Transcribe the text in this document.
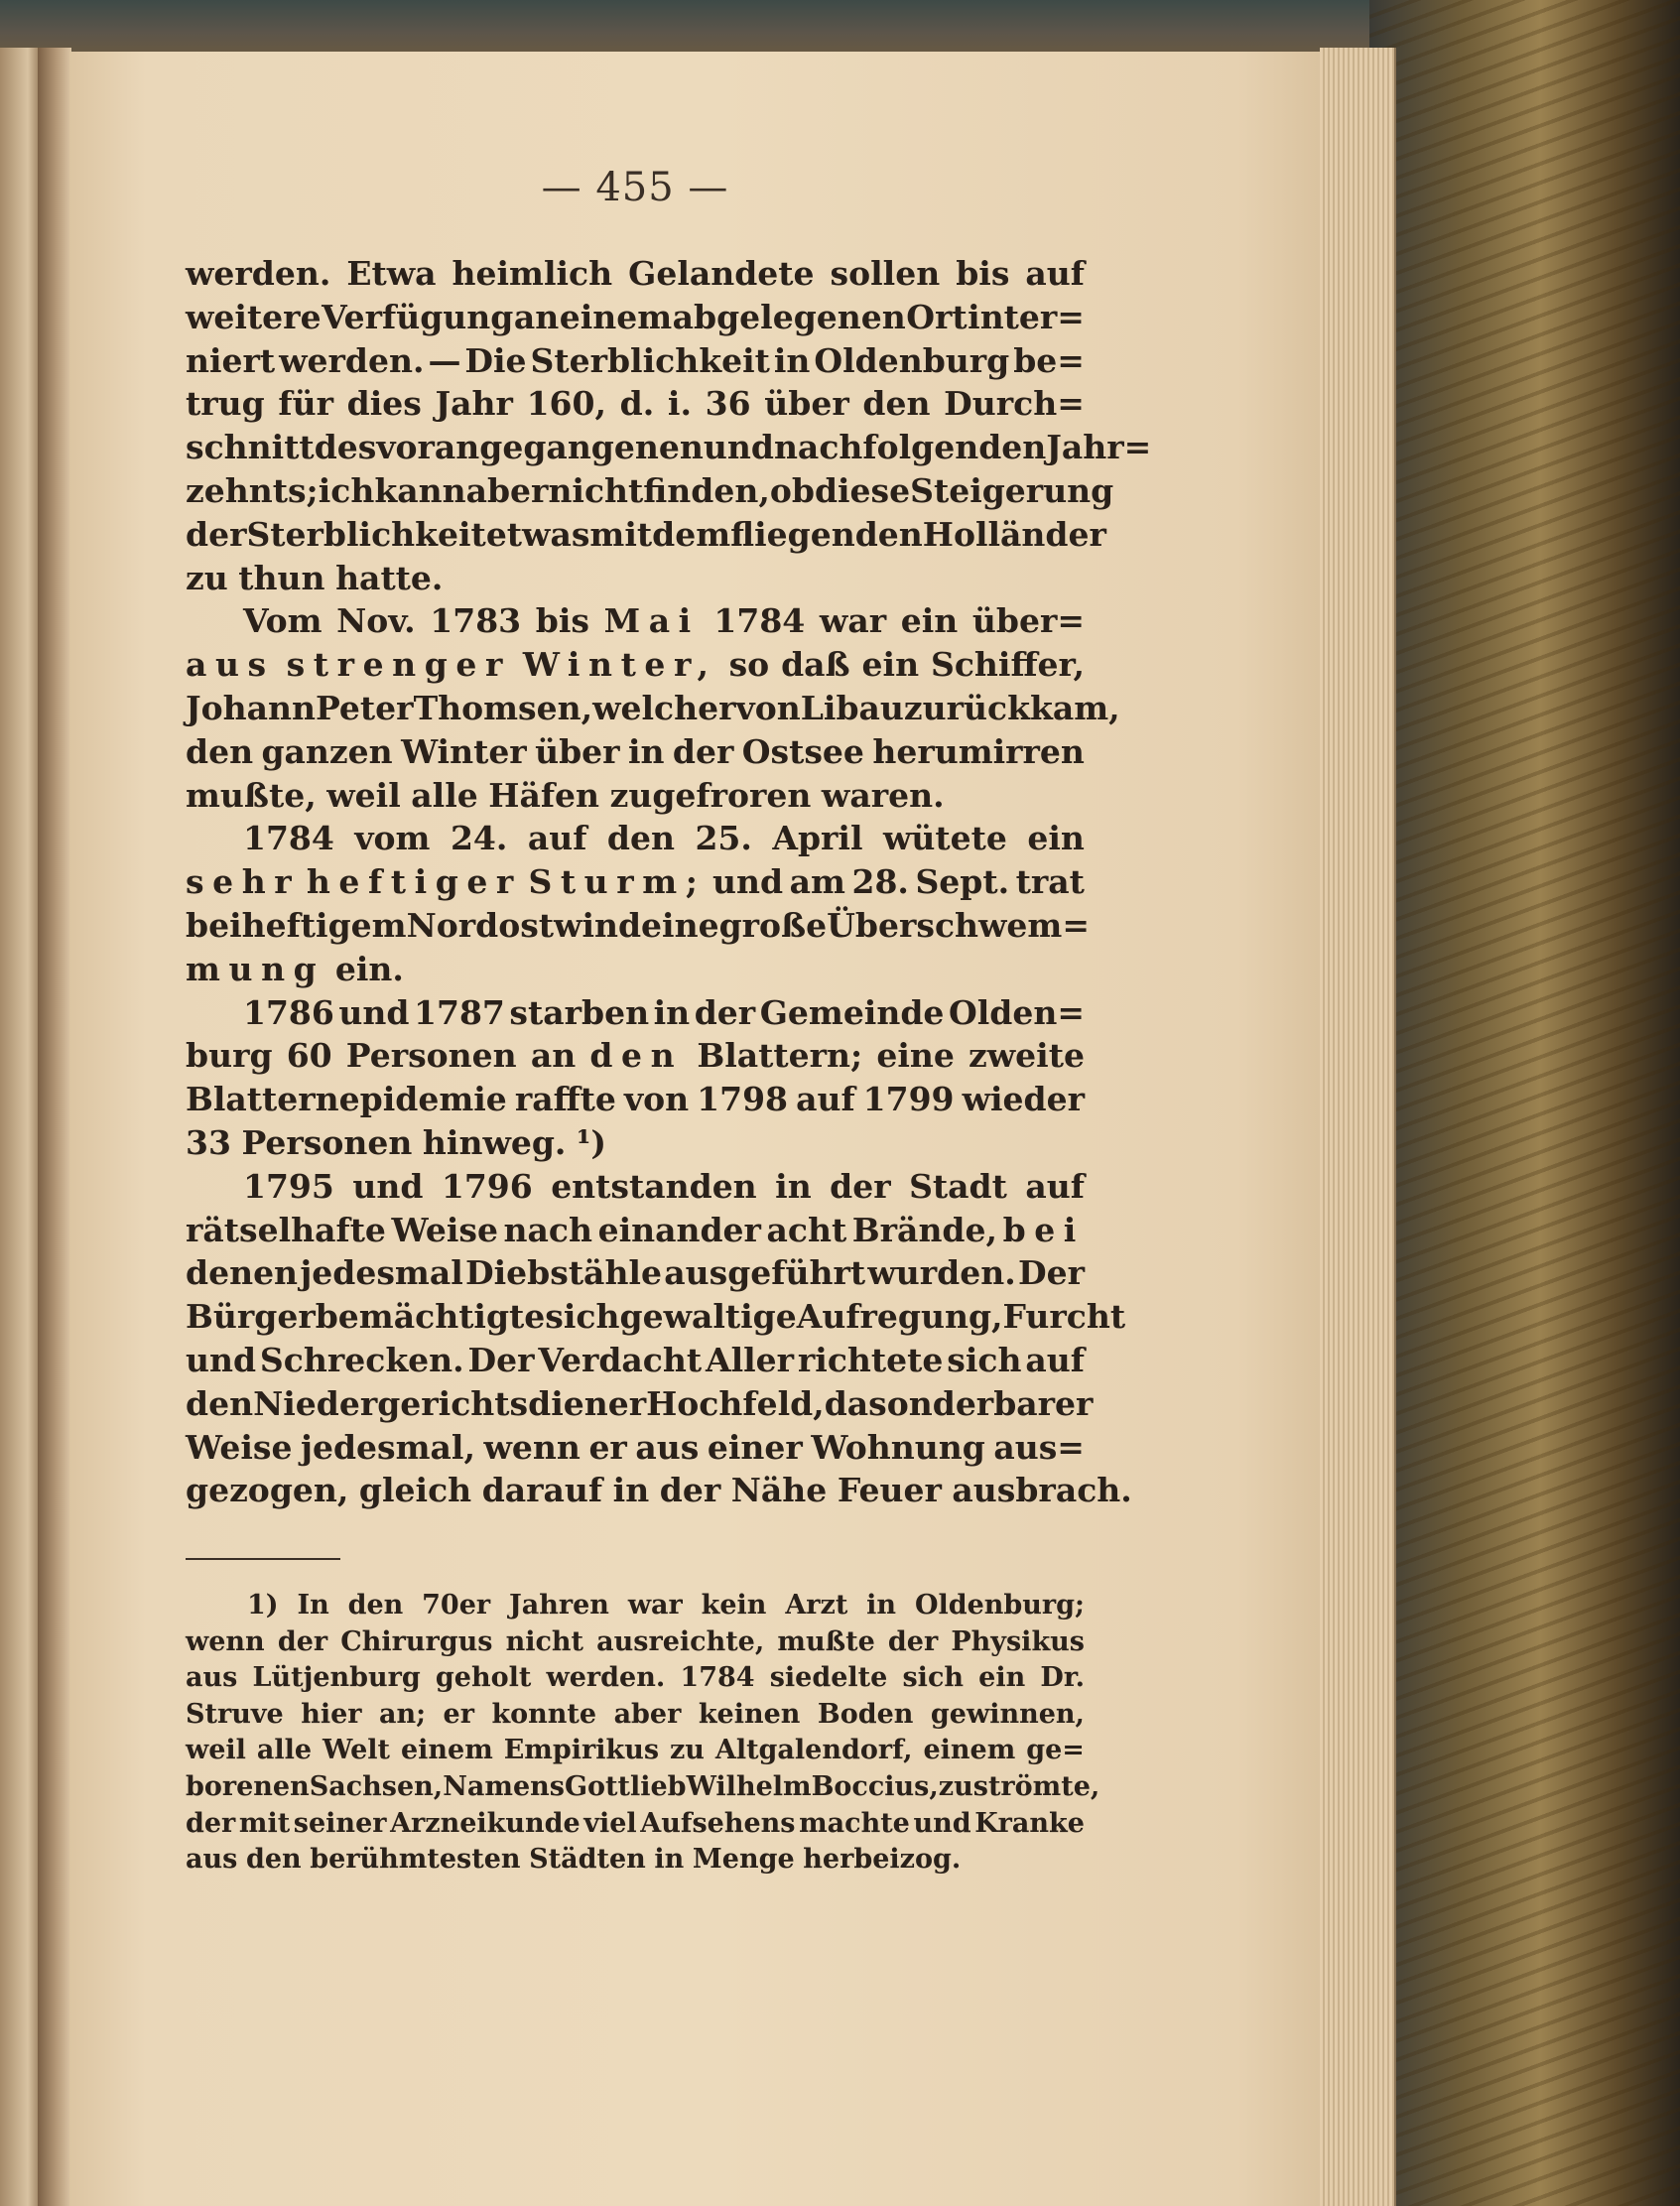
— 455 —
werden. Etwa heimlich Gelandete sollen bis auf
weitere Verfügung an einem abgelegenen Ort inter=
niert werden. — Die Sterblichkeit in Oldenburg be=
trug für dies Jahr 160, d. i. 36 über den Durch=
schnitt des vorangegangenen und nachfolgenden Jahr=
zehnts; ich kann aber nicht finden, ob diese Steigerung
der Sterblichkeit etwas mit dem fliegenden Holländer
zu thun hatte.
Vom Nov. 1783 bis Mai 1784 war ein über=
aus strenger Winter, so daß ein Schiffer,
Johann Peter Thomsen, welcher von Libau zurückkam,
den ganzen Winter über in der Ostsee herumirren
mußte, weil alle Häfen zugefroren waren.
1784 vom 24. auf den 25. April wütete ein
sehr heftiger Sturm; und am 28. Sept. trat
bei heftigem Nordostwind eine große Überschwem=
mung ein.
1786 und 1787 starben in der Gemeinde Olden=
burg 60 Personen an den Blattern; eine zweite
Blatternepidemie raffte von 1798 auf 1799 wieder
33 Personen hinweg. ¹)
1795 und 1796 entstanden in der Stadt auf
rätselhafte Weise nach einander acht Brände, bei
denen jedesmal Diebstähle ausgeführt wurden. Der
Bürger bemächtigte sich gewaltige Aufregung, Furcht
und Schrecken. Der Verdacht Aller richtete sich auf
den Niedergerichtsdiener Hochfeld, da sonderbarer
Weise jedesmal, wenn er aus einer Wohnung aus=
gezogen, gleich darauf in der Nähe Feuer ausbrach.
1) In den 70er Jahren war kein Arzt in Oldenburg;
wenn der Chirurgus nicht ausreichte, mußte der Physikus
aus Lütjenburg geholt werden. 1784 siedelte sich ein Dr.
Struve hier an; er konnte aber keinen Boden gewinnen,
weil alle Welt einem Empirikus zu Altgalendorf, einem ge=
borenen Sachsen, Namens Gottlieb Wilhelm Boccius, zuströmte,
der mit seiner Arzneikunde viel Aufsehens machte und Kranke
aus den berühmtesten Städten in Menge herbeizog.
